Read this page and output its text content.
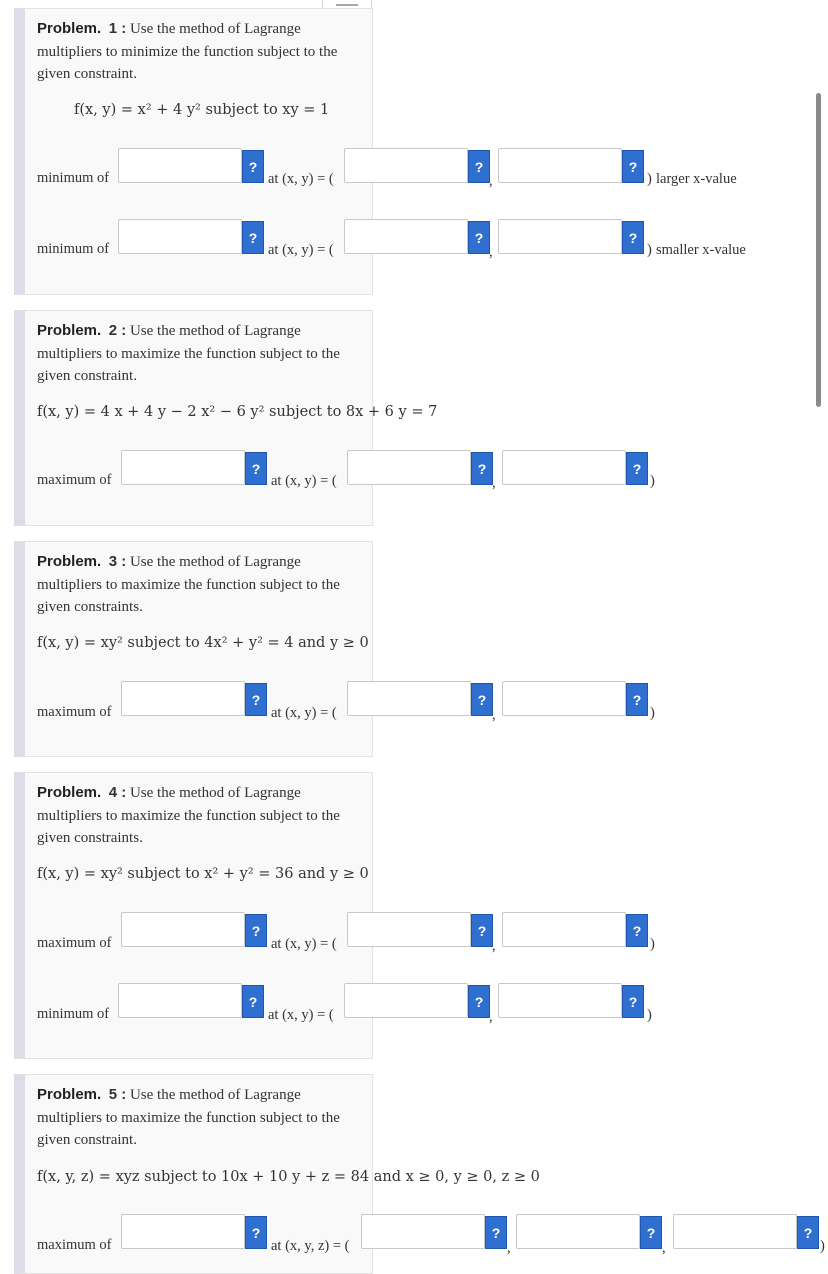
Problem. 1 : Use the method of Lagrange multipliers to minimize the function subject to the given constraint.
f(x, y) = x² + 4 y² subject to xy = 1
minimum of
?
at (x, y) = (
?
,
?
) larger x-value
minimum of
?
at (x, y) = (
?
,
?
) smaller x-value
Problem. 2 : Use the method of Lagrange multipliers to maximize the function subject to the given constraint.
f(x, y) = 4 x + 4 y − 2 x² − 6 y² subject to 8x + 6 y = 7
maximum of
?
at (x, y) = (
?
,
?
)
Problem. 3 : Use the method of Lagrange multipliers to maximize the function subject to the given constraints.
f(x, y) = xy² subject to 4x² + y² = 4 and y ≥ 0
maximum of
?
at (x, y) = (
?
,
?
)
Problem. 4 : Use the method of Lagrange multipliers to maximize the function subject to the given constraints.
f(x, y) = xy² subject to x² + y² = 36 and y ≥ 0
maximum of
?
at (x, y) = (
?
,
?
)
minimum of
?
at (x, y) = (
?
,
?
)
Problem. 5 : Use the method of Lagrange multipliers to maximize the function subject to the given constraint.
f(x, y, z) = xyz subject to 10x + 10 y + z = 84 and x ≥ 0, y ≥ 0, z ≥ 0
maximum of
?
at (x, y, z) = (
?
,
?
,
?
)
